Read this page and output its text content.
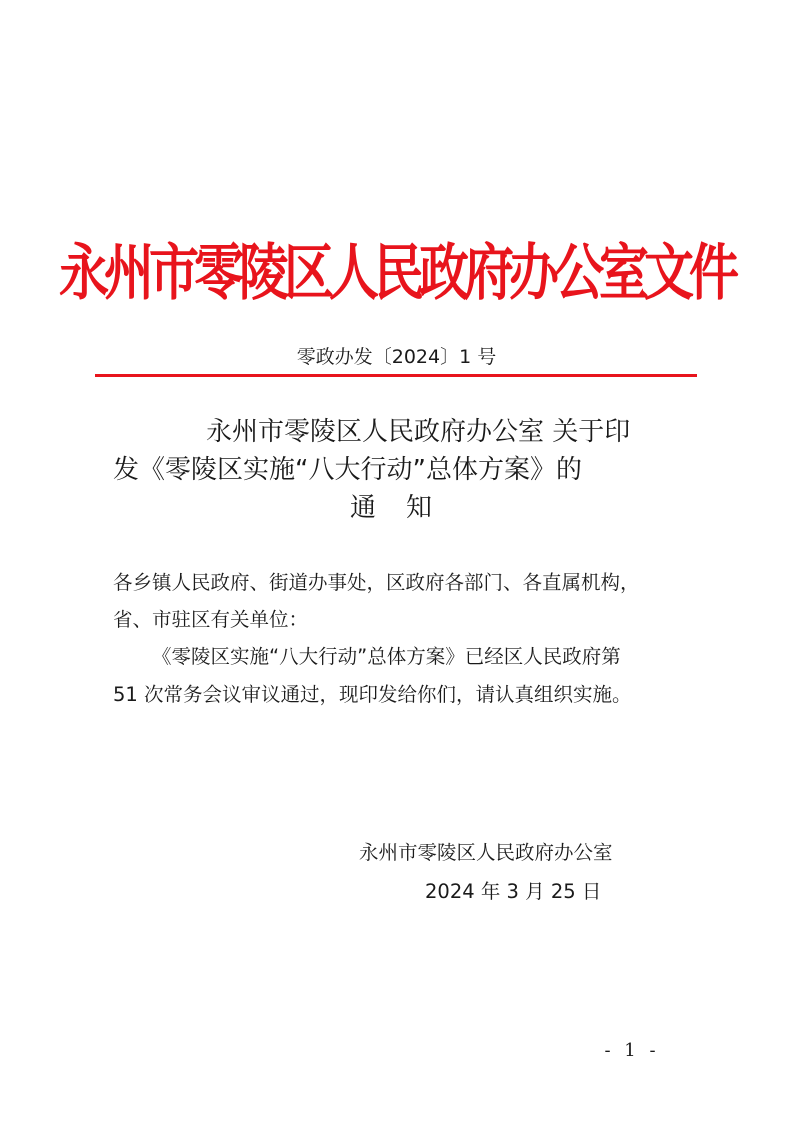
永州市零陵区人民政府办公室文件
零政办发〔2024〕1 号
永州市零陵区人民政府办公室 关于印
发《零陵区实施“八大行动”总体方案》的
通知
各乡镇人民政府、街道办事处，区政府各部门、各直属机构，
省、市驻区有关单位：
《零陵区实施“八大行动”总体方案》已经区人民政府第
51 次常务会议审议通过，现印发给你们，请认真组织实施。
永州市零陵区人民政府办公室
2024 年 3 月 25 日
- 1 -
